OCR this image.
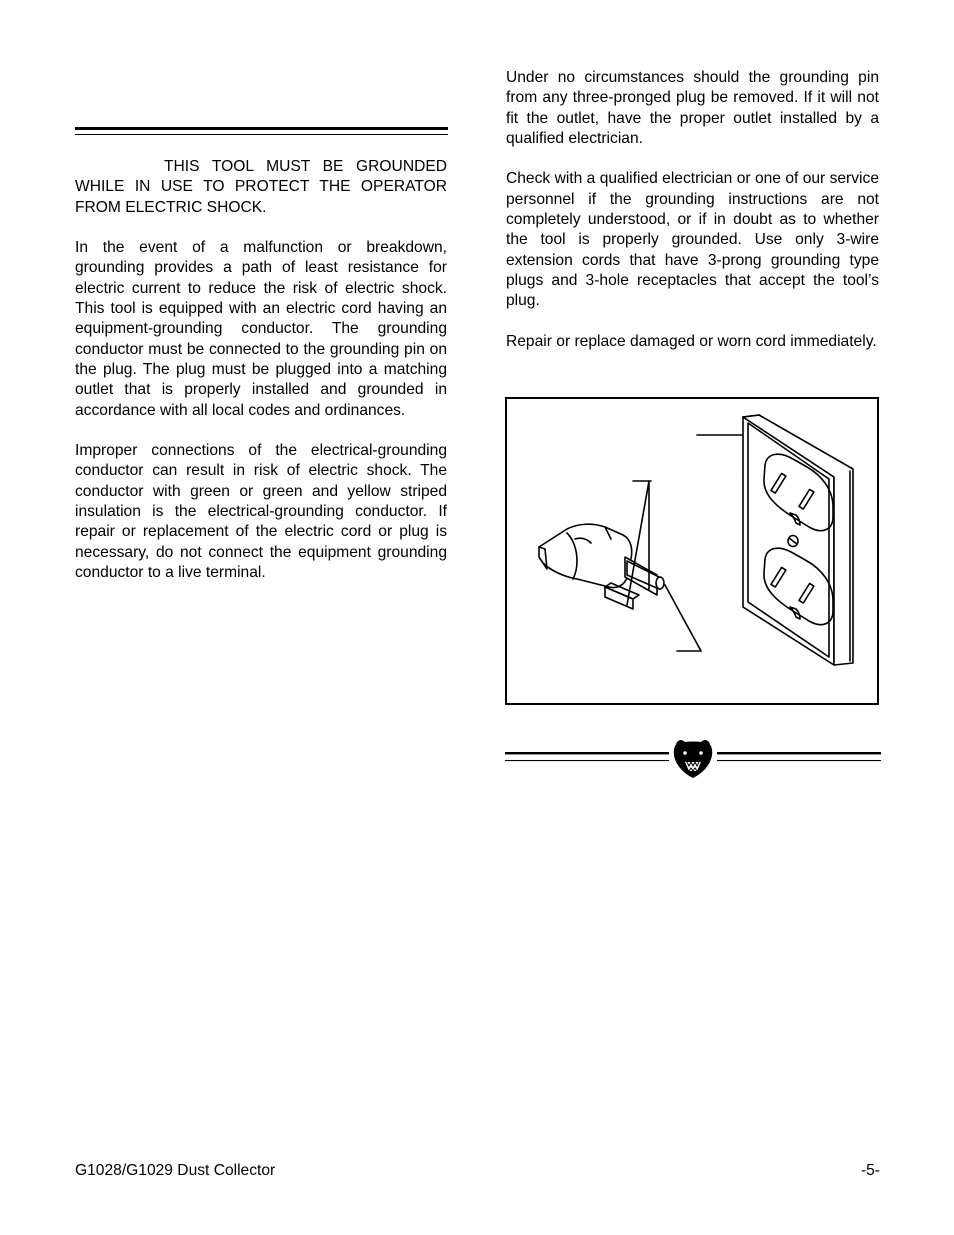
THIS TOOL MUST BE GROUNDED WHILE IN USE TO PROTECT THE OPERATOR FROM ELECTRIC SHOCK.

In the event of a malfunction or breakdown, grounding provides a path of least resistance for electric current to reduce the risk of electric shock. This tool is equipped with an electric cord having an equipment-grounding conductor. The grounding conductor must be connected to the grounding pin on the plug. The plug must be plugged into a matching outlet that is properly installed and grounded in accordance with all local codes and ordinances.

Improper connections of the electrical-grounding conductor can result in risk of electric shock. The conductor with green or green and yellow striped insulation is the electrical-grounding conductor. If repair or replacement of the electric cord or plug is necessary, do not connect the equipment grounding conductor to a live terminal.

Under no circumstances should the grounding pin from any three-pronged plug be removed. If it will not fit the outlet, have the proper outlet installed by a qualified electrician.

Check with a qualified electrician or one of our service personnel if the grounding instructions are not completely understood, or if in doubt as to whether the tool is properly grounded. Use only 3-wire extension cords that have 3-prong grounding type plugs and 3-hole receptacles that accept the tool’s plug.

Repair or replace damaged or worn cord immediately.

G1028/G1029 Dust Collector	-5-
